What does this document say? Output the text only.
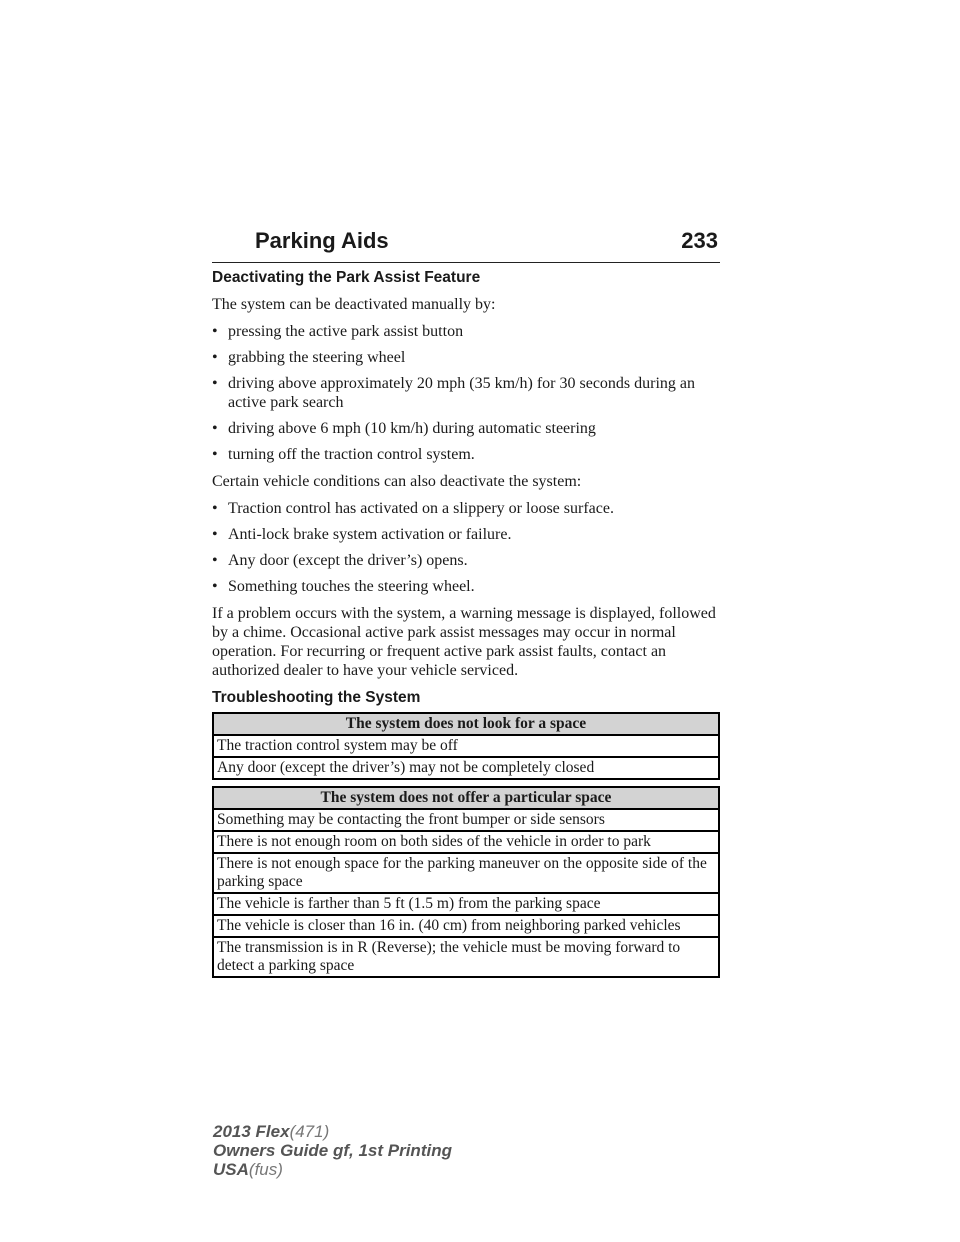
Parking Aids	233
Deactivating the Park Assist Feature

The system can be deactivated manually by:

• pressing the active park assist button
• grabbing the steering wheel
• driving above approximately 20 mph (35 km/h) for 30 seconds during an active park search
• driving above 6 mph (10 km/h) during automatic steering
• turning off the traction control system.

Certain vehicle conditions can also deactivate the system:

• Traction control has activated on a slippery or loose surface.
• Anti-lock brake system activation or failure.
• Any door (except the driver’s) opens.
• Something touches the steering wheel.

If a problem occurs with the system, a warning message is displayed, followed by a chime. Occasional active park assist messages may occur in normal operation. For recurring or frequent active park assist faults, contact an authorized dealer to have your vehicle serviced.

Troubleshooting the System
The system does not look for a space
The traction control system may be off
Any door (except the driver’s) may not be completely closed
The system does not offer a particular space
Something may be contacting the front bumper or side sensors
There is not enough room on both sides of the vehicle in order to park
There is not enough space for the parking maneuver on the opposite side of the parking space
The vehicle is farther than 5 ft (1.5 m) from the parking space
The vehicle is closer than 16 in. (40 cm) from neighboring parked vehicles
The transmission is in R (Reverse); the vehicle must be moving forward to detect a parking space
2013 Flex(471)
Owners Guide gf, 1st Printing
USA(fus)
